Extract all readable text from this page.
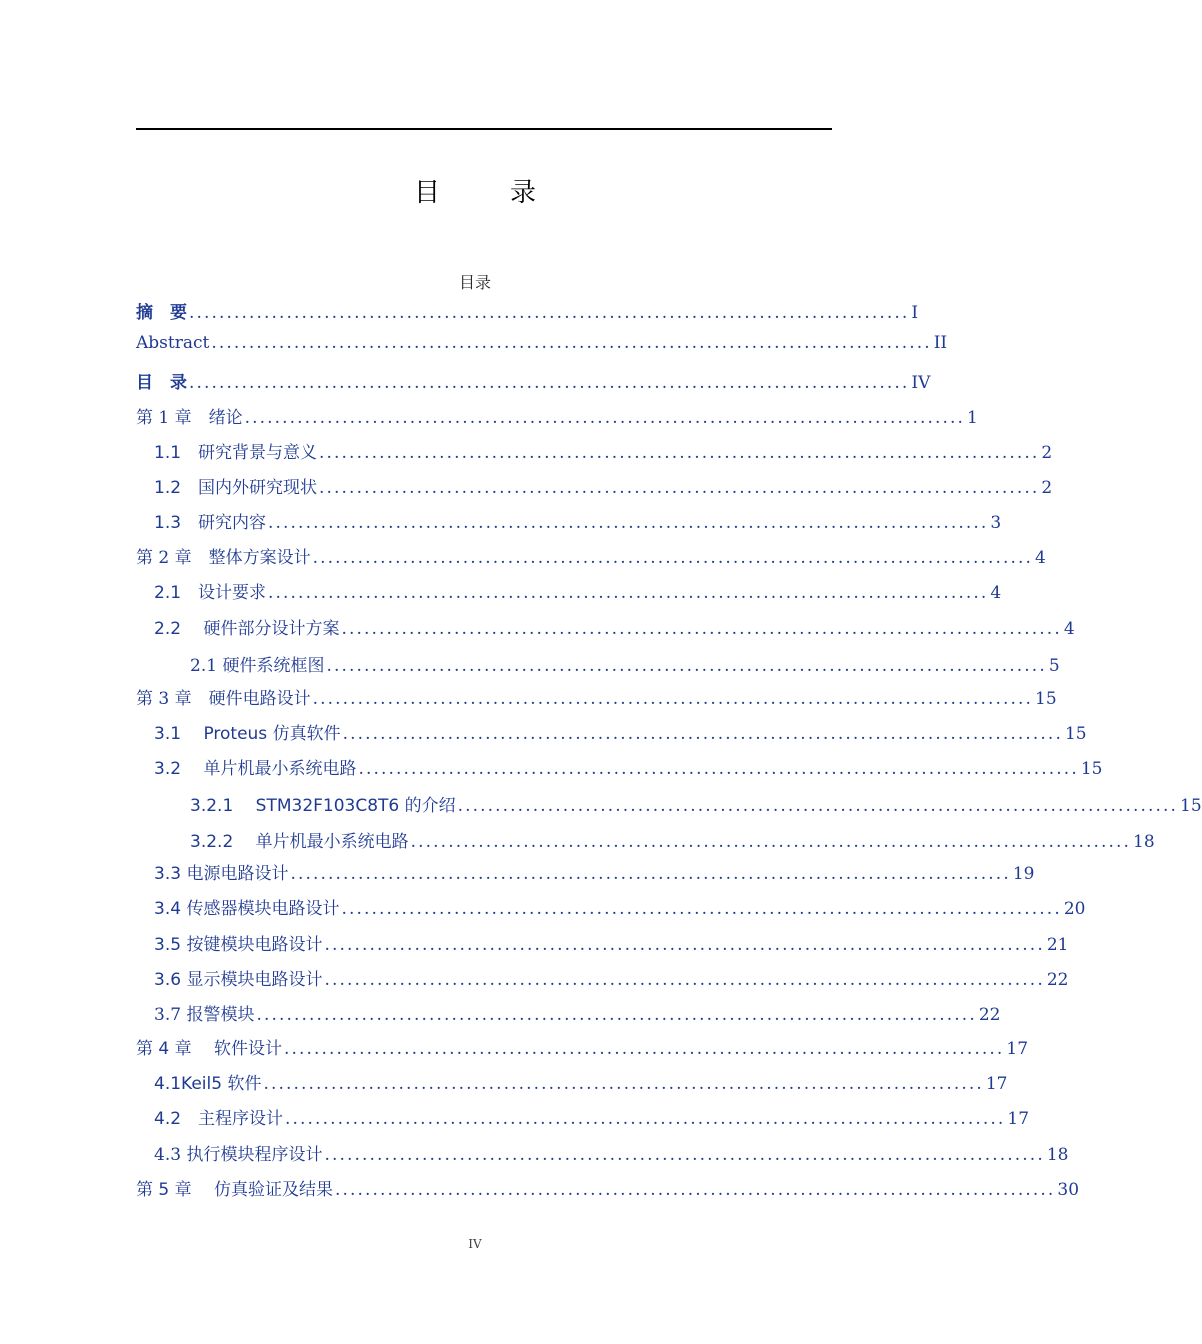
目　录
目录
摘　要 ................................................................................................ I
Abstract ................................................................................................ II
目　录 ................................................................................................ IV
第 1 章　绪论 ................................................................................................ 1
1.1　研究背景与意义 ................................................................................................ 2
1.2　国内外研究现状 ................................................................................................ 2
1.3　研究内容 ................................................................................................ 3
第 2 章　整体方案设计 ................................................................................................ 4
2.1　设计要求 ................................................................................................ 4
2.2　 硬件部分设计方案 ................................................................................................ 4
2.1 硬件系统框图 ................................................................................................ 5
第 3 章　硬件电路设计 ................................................................................................ 15
3.1　 Proteus 仿真软件 ................................................................................................ 15
3.2　 单片机最小系统电路 ................................................................................................ 15
3.2.1　 STM32F103C8T6 的介绍 ................................................................................................ 15
3.2.2　 单片机最小系统电路 ................................................................................................ 18
3.3 电源电路设计 ................................................................................................ 19
3.4 传感器模块电路设计 ................................................................................................ 20
3.5 按键模块电路设计 ................................................................................................ 21
3.6 显示模块电路设计 ................................................................................................ 22
3.7 报警模块 ................................................................................................ 22
第 4 章　 软件设计 ................................................................................................ 17
4.1Keil5 软件 ................................................................................................ 17
4.2　主程序设计 ................................................................................................ 17
4.3 执行模块程序设计 ................................................................................................ 18
第 5 章　 仿真验证及结果 ................................................................................................ 30
IV
